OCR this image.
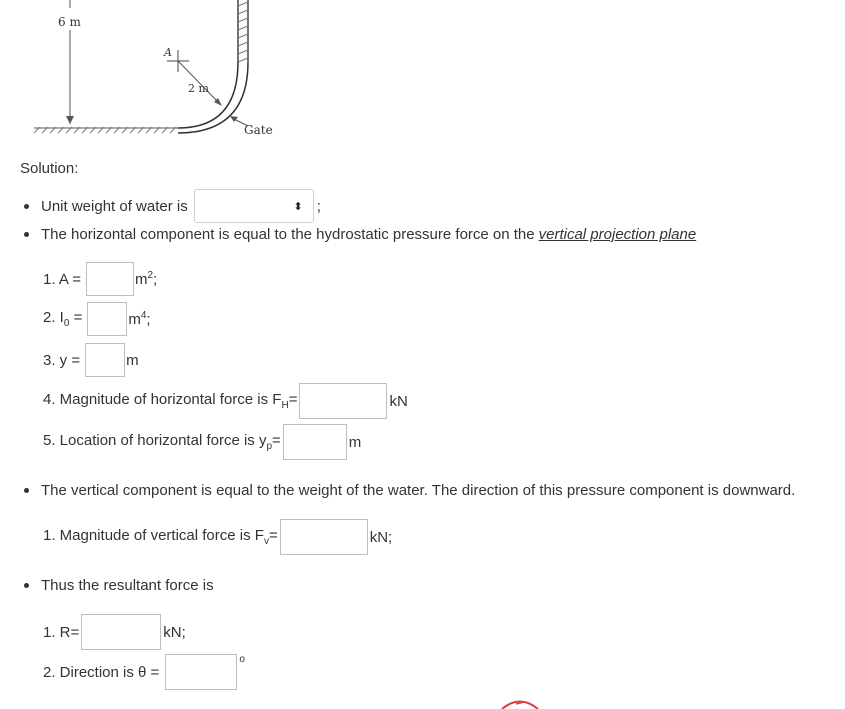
6 m
A
2 m
Gate
Solution:
Unit weight of water is	⬍ ;
The horizontal component is equal to the hydrostatic pressure force on the vertical projection plane
1. A =	$m^2$;
2. $I_0$ =	$m^4$;
3. y =	m
4. Magnitude of horizontal force is $F_H=$	kN
5. Location of horizontal force is $y_p=$	m
The vertical component is equal to the weight of the water. The direction of this pressure component is downward.
1. Magnitude of vertical force is $F_v=$	kN;
Thus the resultant force is
1. R=	kN;
2. Direction is θ =
o
